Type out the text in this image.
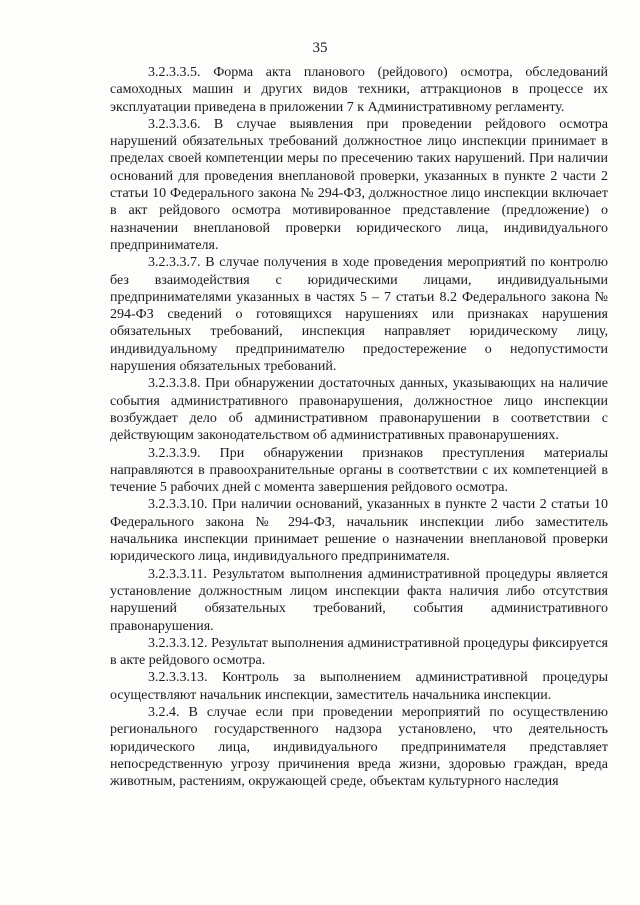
35

3.2.3.3.5. Форма акта планового (рейдового) осмотра, обследований самоходных машин и других видов техники, аттракционов в процессе их эксплуатации приведена в приложении 7 к Административному регламенту.

3.2.3.3.6. В случае выявления при проведении рейдового осмотра нарушений обязательных требований должностное лицо инспекции принимает в пределах своей компетенции меры по пресечению таких нарушений. При наличии оснований для проведения внеплановой проверки, указанных в пункте 2 части 2 статьи 10 Федерального закона № 294-ФЗ, должностное лицо инспекции включает в акт рейдового осмотра мотивированное представление (предложение) о назначении внеплановой проверки юридического лица, индивидуального предпринимателя.

3.2.3.3.7. В случае получения в ходе проведения мероприятий по контролю без взаимодействия с юридическими лицами, индивидуальными предпринимателями указанных в частях 5 – 7 статьи 8.2 Федерального закона № 294-ФЗ сведений о готовящихся нарушениях или признаках нарушения обязательных требований, инспекция направляет юридическому лицу, индивидуальному предпринимателю предостережение о недопустимости нарушения обязательных требований.

3.2.3.3.8. При обнаружении достаточных данных, указывающих на наличие события административного правонарушения, должностное лицо инспекции возбуждает дело об административном правонарушении в соответствии с действующим законодательством об административных правонарушениях.

3.2.3.3.9. При обнаружении признаков преступления материалы направляются в правоохранительные органы в соответствии с их компетенцией в течение 5 рабочих дней с момента завершения рейдового осмотра.

3.2.3.3.10. При наличии оснований, указанных в пункте 2 части 2 статьи 10 Федерального закона № 294-ФЗ, начальник инспекции либо заместитель начальника инспекции принимает решение о назначении внеплановой проверки юридического лица, индивидуального предпринимателя.

3.2.3.3.11. Результатом выполнения административной процедуры является установление должностным лицом инспекции факта наличия либо отсутствия нарушений обязательных требований, события административного правонарушения.

3.2.3.3.12. Результат выполнения административной процедуры фиксируется в акте рейдового осмотра.

3.2.3.3.13. Контроль за выполнением административной процедуры осуществляют начальник инспекции, заместитель начальника инспекции.

3.2.4. В случае если при проведении мероприятий по осуществлению регионального государственного надзора установлено, что деятельность юридического лица, индивидуального предпринимателя представляет непосредственную угрозу причинения вреда жизни, здоровью граждан, вреда животным, растениям, окружающей среде, объектам культурного наследия
